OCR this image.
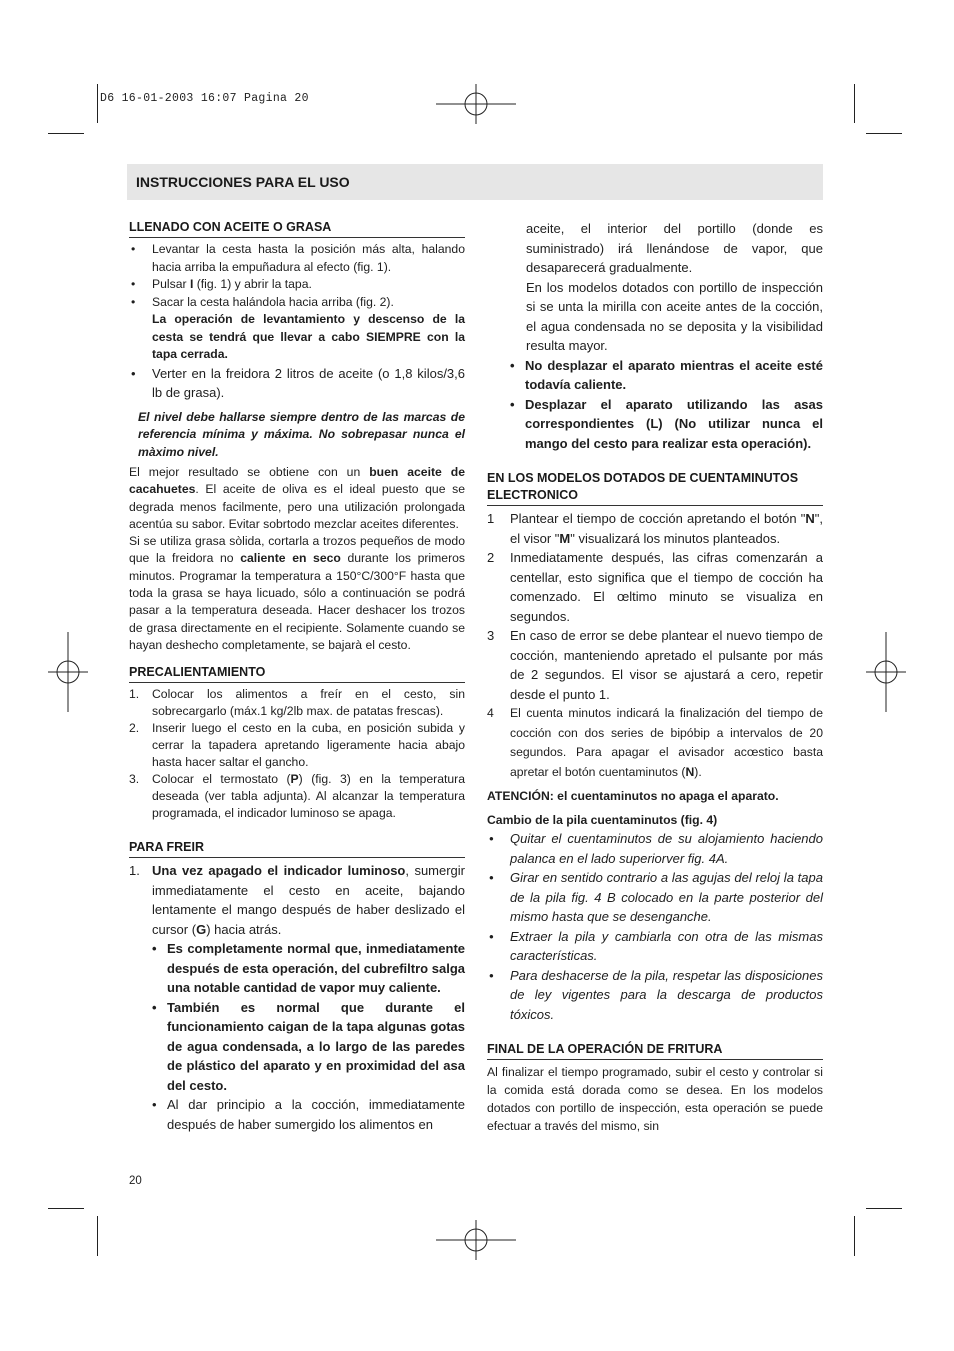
D6 16-01-2003 16:07 Pagina 20
INSTRUCCIONES PARA EL USO
LLENADO CON ACEITE O GRASA
• Levantar la cesta hasta la posición más alta, halando hacia arriba la empuñadura al efecto (fig. 1).
• Pulsar I (fig. 1) y abrir la tapa.
• Sacar la cesta halándola hacia arriba (fig. 2).
La operación de levantamiento y descenso de la cesta se tendrá que llevar a cabo SIEMPRE con la tapa cerrada.
• Verter en la freidora 2 litros de aceite (o 1,8 kilos/3,6 lb de grasa).

El nivel debe hallarse siempre dentro de las marcas de referencia mínima y máxima. No sobrepasar nunca el màximo nivel.

El mejor resultado se obtiene con un buen aceite de cacahuetes. El aceite de oliva es el ideal puesto que se degrada menos facilmente, pero una utilización prolongada acentúa su sabor. Evitar sobrtodo mezclar aceites diferentes.

Si se utiliza grasa sòlida, cortarla a trozos pequeños de modo que la freidora no caliente en seco durante los primeros minutos. Programar la temperatura a 150°C/300°F hasta que toda la grasa se haya licuado, sólo a continuación se podrá pasar a la temperatura deseada. Hacer deshacer los trozos de grasa directamente en el recipiente. Solamente cuando se hayan deshecho completamente, se bajarà el cesto.

PRECALIENTAMIENTO
1. Colocar los alimentos a freír en el cesto, sin sobrecargarlo (máx.1 kg/2lb max. de patatas frescas).
2. Inserir luego el cesto en la cuba, en posición subida y cerrar la tapadera apretando ligeramente hacia abajo hasta hacer saltar el gancho.
3. Colocar el termostato (P) (fig. 3) en la temperatura deseada (ver tabla adjunta). Al alcanzar la temperatura programada, el indicador luminoso se apaga.
PARA FREIR
1. Una vez apagado el indicador luminoso, sumergir immediatamente el cesto en aceite, bajando lentamente el mango después de haber deslizado el cursor (G) hacia atrás.
• Es completamente normal que, inmediatamente después de esta operación, del cubrefiltro salga una notable cantidad de vapor muy caliente.
• También es normal que durante el funcionamiento caigan de la tapa algunas gotas de agua condensada, a lo largo de las paredes de plástico del aparato y en proximidad del asa del cesto.
• Al dar principio a la cocción, immediatamente después de haber sumergido los alimentos en

aceite, el interior del portillo (donde es suministrado) irá llenándose de vapor, que desaparecerá gradualmente.

En los modelos dotados con portillo de inspección si se unta la mirilla con aceite antes de la cocción, el agua condensada no se deposita y la visibilidad resulta mayor.

• No desplazar el aparato mientras el aceite esté todavía caliente.
• Desplazar el aparato utilizando las asas correspondientes (L) (No utilizar nunca el mango del cesto para realizar esta operación).
EN LOS MODELOS DOTADOS DE CUENTAMINUTOS ELECTRONICO
1 Plantear el tiempo de cocción apretando el botón "N", el visor "M" visualizará los minutos planteados.
2 Inmediatamente después, las cifras comenzarán a centellar, esto significa que el tiempo de cocción ha comenzado. El œltimo minuto se visualiza en segundos.
3 En caso de error se debe plantear el nuevo tiempo de cocción, manteniendo apretado el pulsante por más de 2 segundos. El visor se ajustará a cero, repetir desde el punto 1.
4 El cuenta minutos indicará la finalización del tiempo de cocción con dos series de bipóbip a intervalos de 20 segundos. Para apagar el avisador acœstico basta apretar el botón cuentaminutos (N).

ATENCIÓN: el cuentaminutos no apaga el aparato.

Cambio de la pila cuentaminutos (fig. 4)

• Quitar el cuentaminutos de su alojamiento haciendo palanca en el lado superiorver fig. 4A.
• Girar en sentido contrario a las agujas del reloj la tapa de la pila fig. 4 B colocado en la parte posterior del mismo hasta que se desenganche.
• Extraer la pila y cambiarla con otra de las mismas características.
• Para deshacerse de la pila, respetar las disposiciones de ley vigentes para la descarga de productos tóxicos.
FINAL DE LA OPERACIÓN DE FRITURA

Al finalizar el tiempo programado, subir el cesto y controlar si la comida está dorada como se desea. En los modelos dotados con portillo de inspección, esta operación se puede efectuar a través del mismo, sin

20
